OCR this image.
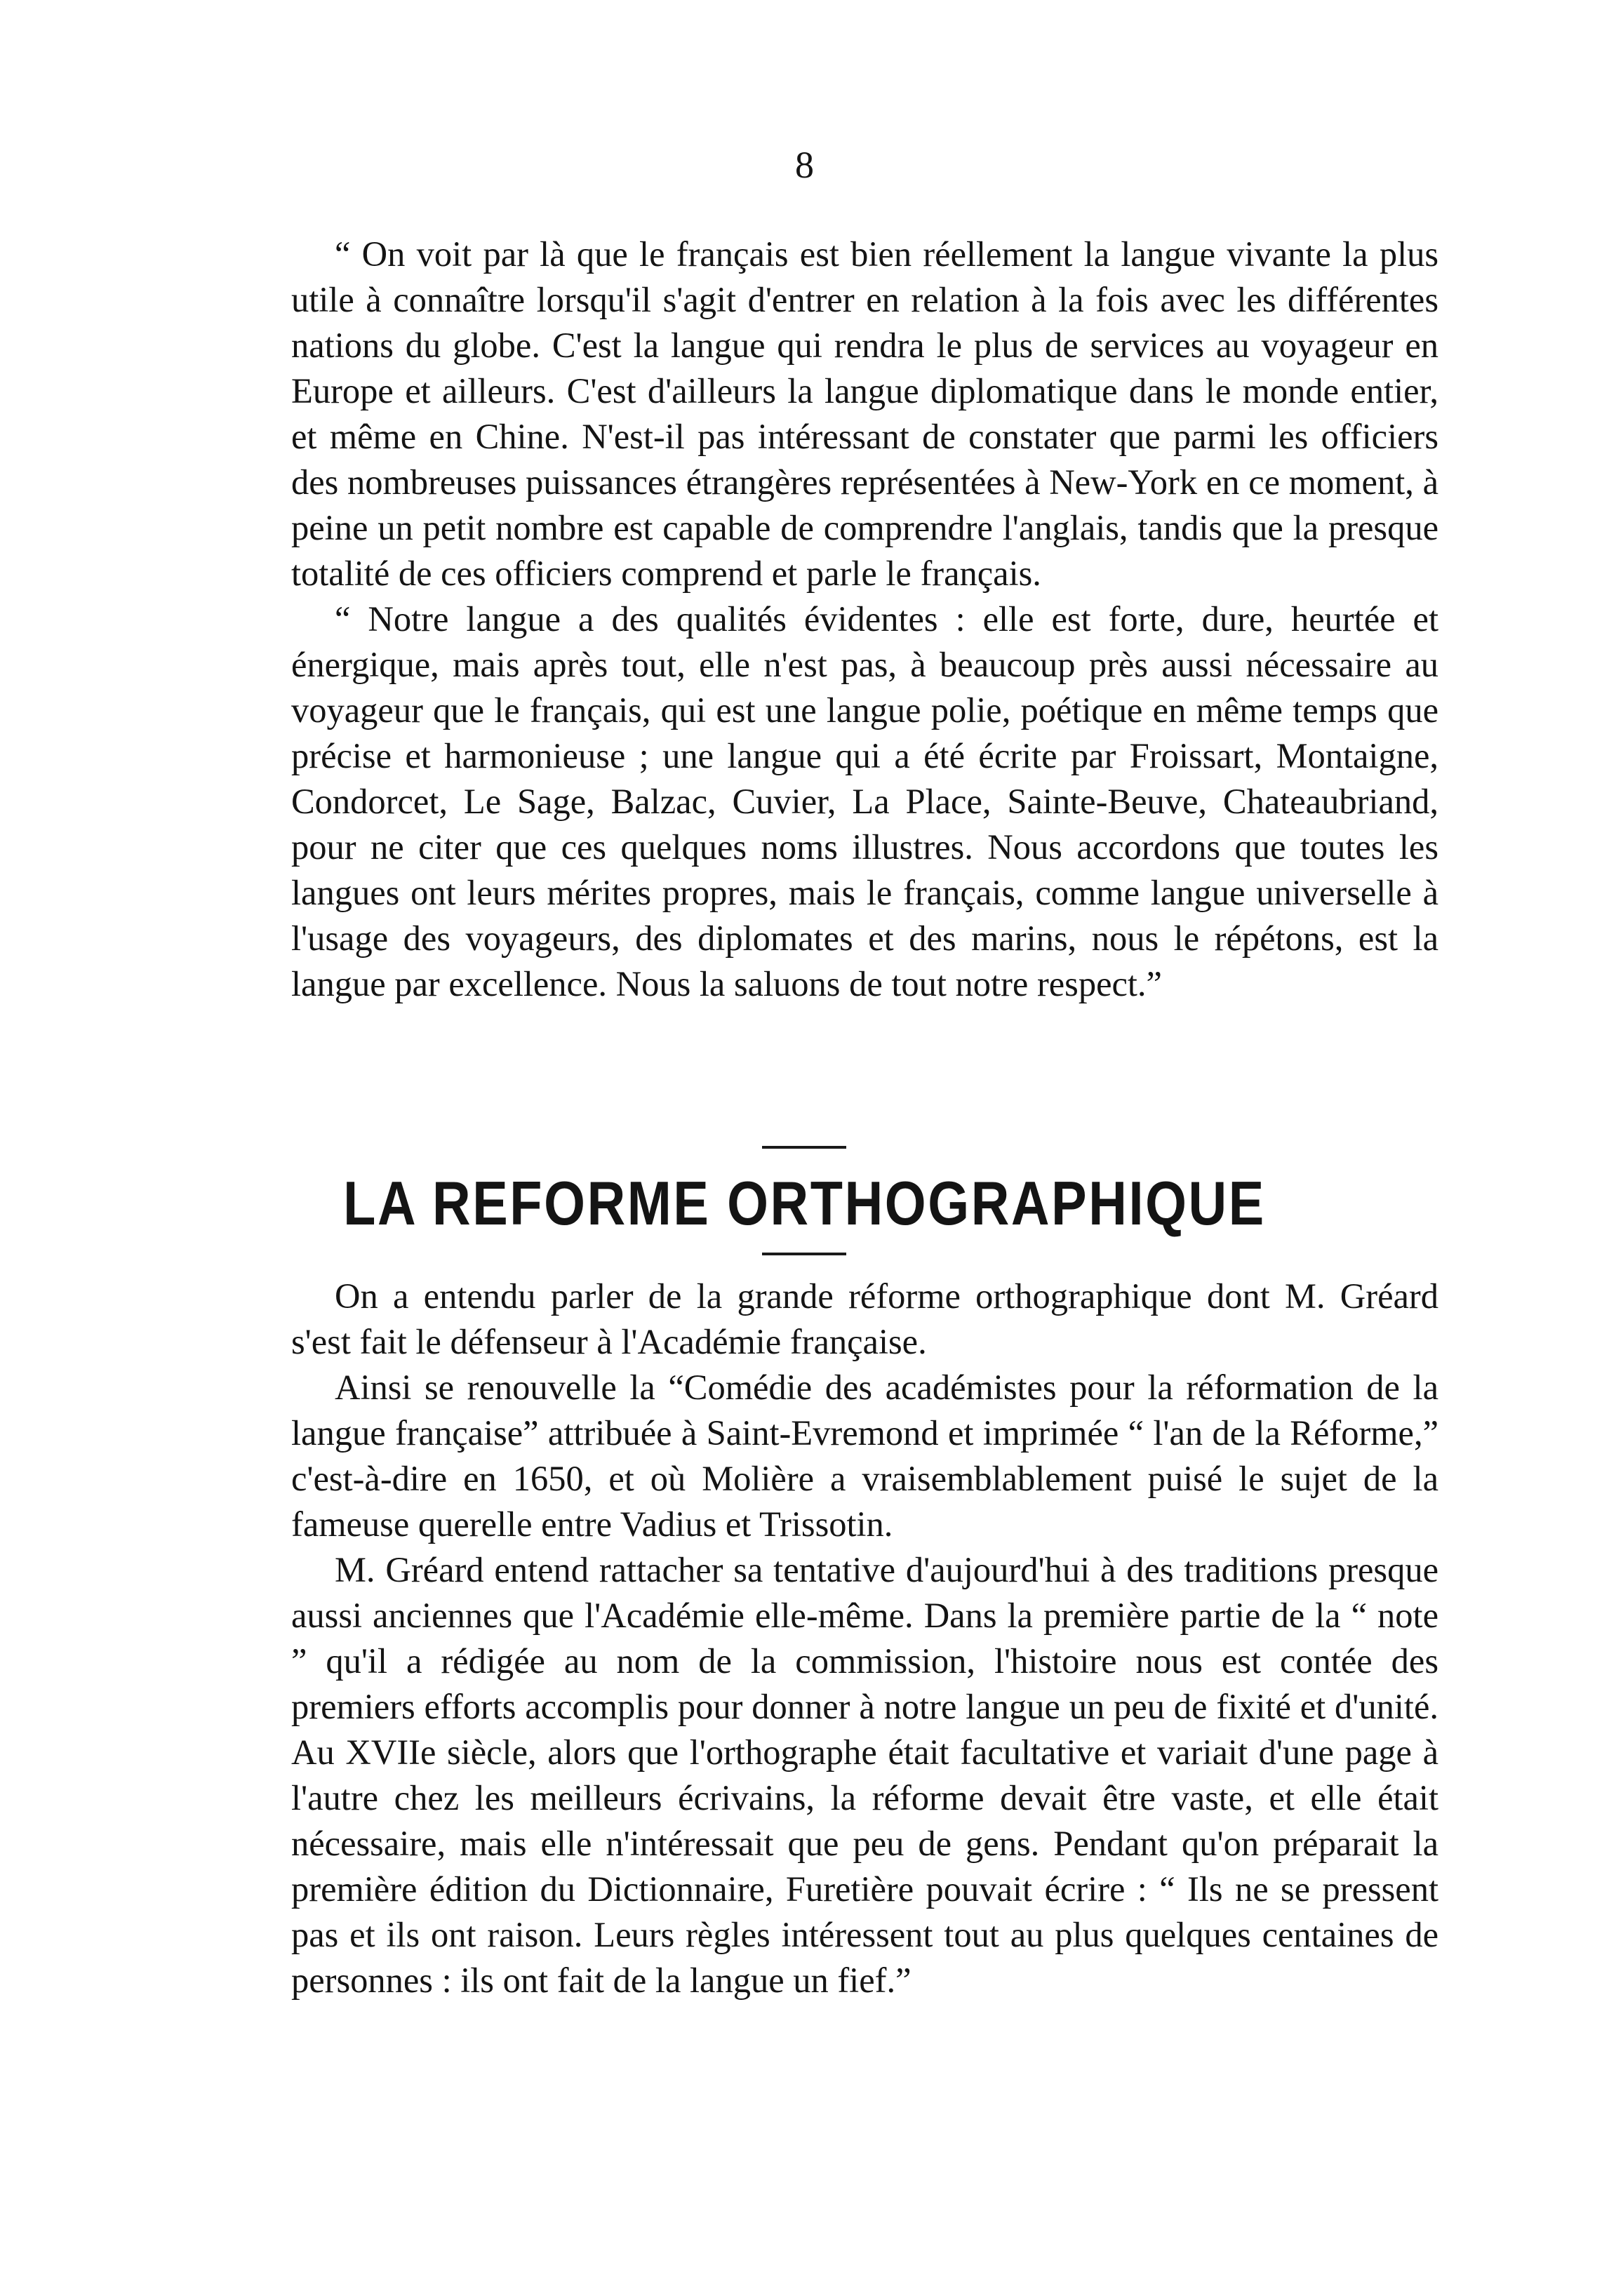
8

“ On voit par là que le français est bien réellement la langue vivante la plus utile à connaître lorsqu'il s'agit d'entrer en relation à la fois avec les différentes nations du globe. C'est la langue qui rendra le plus de services au voyageur en Europe et ailleurs. C'est d'ailleurs la langue diplomatique dans le monde entier, et même en Chine. N'est-il pas intéressant de constater que parmi les officiers des nombreuses puissances étrangères représentées à New-York en ce moment, à peine un petit nombre est capable de comprendre l'anglais, tandis que la presque totalité de ces officiers comprend et parle le français.

“ Notre langue a des qualités évidentes : elle est forte, dure, heurtée et énergique, mais après tout, elle n'est pas, à beaucoup près aussi nécessaire au voyageur que le français, qui est une langue polie, poétique en même temps que précise et harmonieuse ; une langue qui a été écrite par Froissart, Montaigne, Condorcet, Le Sage, Balzac, Cuvier, La Place, Sainte-Beuve, Chateaubriand, pour ne citer que ces quelques noms illustres. Nous accordons que toutes les langues ont leurs mérites propres, mais le français, comme langue universelle à l'usage des voyageurs, des diplomates et des marins, nous le répétons, est la langue par excellence. Nous la saluons de tout notre respect.”

LA REFORME ORTHOGRAPHIQUE

On a entendu parler de la grande réforme orthographique dont M. Gréard s'est fait le défenseur à l'Académie française.

Ainsi se renouvelle la “Comédie des académistes pour la réformation de la langue française” attribuée à Saint-Evremond et imprimée “ l'an de la Réforme,” c'est-à-dire en 1650, et où Molière a vraisemblablement puisé le sujet de la fameuse querelle entre Vadius et Trissotin.

M. Gréard entend rattacher sa tentative d'aujourd'hui à des traditions presque aussi anciennes que l'Académie elle-même. Dans la première partie de la “ note ” qu'il a rédigée au nom de la commission, l'histoire nous est contée des premiers efforts accomplis pour donner à notre langue un peu de fixité et d'unité. Au XVIIe siècle, alors que l'orthographe était facultative et variait d'une page à l'autre chez les meilleurs écrivains, la réforme devait être vaste, et elle était nécessaire, mais elle n'intéressait que peu de gens. Pendant qu'on préparait la première édition du Dictionnaire, Furetière pouvait écrire : “ Ils ne se pressent pas et ils ont raison. Leurs règles intéressent tout au plus quelques centaines de personnes : ils ont fait de la langue un fief.”
